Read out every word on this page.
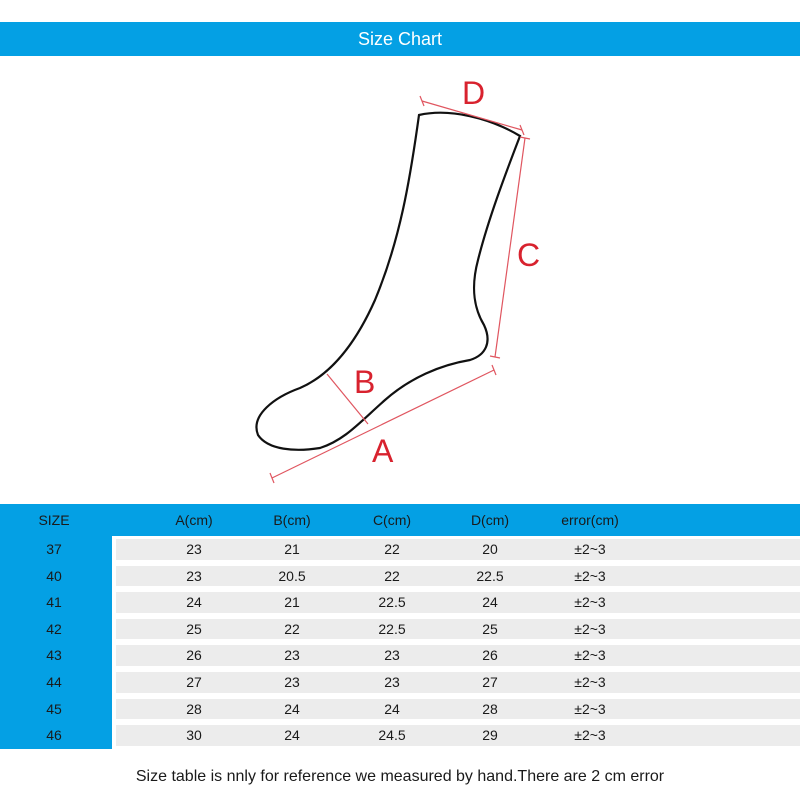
Size Chart
D
C
B
A
SIZE	A(cm)	B(cm)	C(cm)	D(cm)	error(cm)
37	23	21	22	20	±2~3
40	23	20.5	22	22.5	±2~3
41	24	21	22.5	24	±2~3
42	25	22	22.5	25	±2~3
43	26	23	23	26	±2~3
44	27	23	23	27	±2~3
45	28	24	24	28	±2~3
46	30	24	24.5	29	±2~3
Size table is nnly for reference we measured by hand.There are 2 cm error
